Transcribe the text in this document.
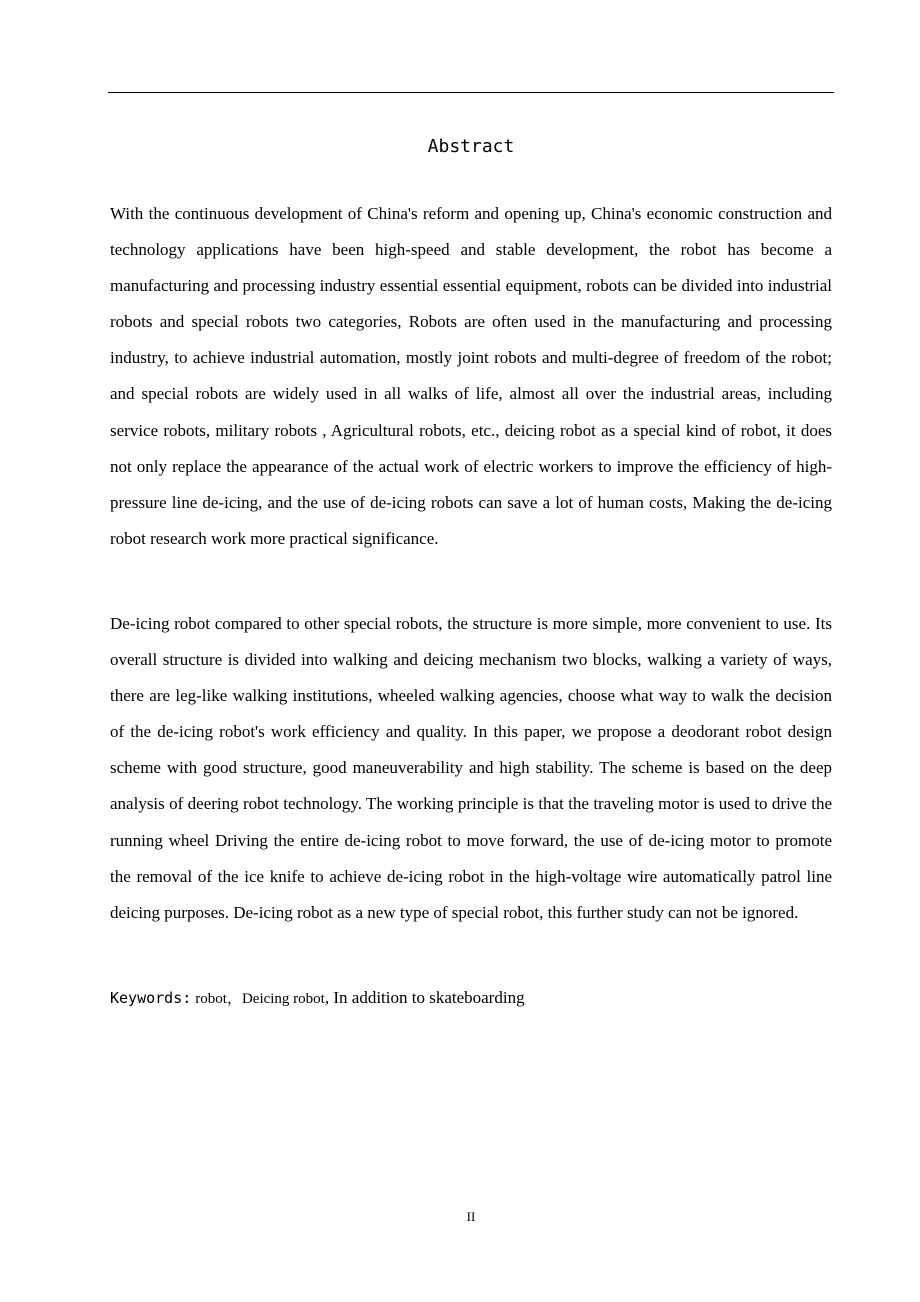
Abstract

With the continuous development of China's reform and opening up, China's economic construction and technology applications have been high-speed and stable development, the robot has become a manufacturing and processing industry essential essential equipment, robots can be divided into industrial robots and special robots two categories, Robots are often used in the manufacturing and processing industry, to achieve industrial automation, mostly joint robots and multi-degree of freedom of the robot; and special robots are widely used in all walks of life, almost all over the industrial areas, including service robots, military robots , Agricultural robots, etc., deicing robot as a special kind of robot, it does not only replace the appearance of the actual work of electric workers to improve the efficiency of high-pressure line de-icing, and the use of de-icing robots can save a lot of human costs, Making the de-icing robot research work more practical significance.

De-icing robot compared to other special robots, the structure is more simple, more convenient to use. Its overall structure is divided into walking and deicing mechanism two blocks, walking a variety of ways, there are leg-like walking institutions, wheeled walking agencies, choose what way to walk the decision of the de-icing robot's work efficiency and quality. In this paper, we propose a deodorant robot design scheme with good structure, good maneuverability and high stability. The scheme is based on the deep analysis of deering robot technology. The working principle is that the traveling motor is used to drive the running wheel Driving the entire de-icing robot to move forward, the use of de-icing motor to promote the removal of the ice knife to achieve de-icing robot in the high-voltage wire automatically patrol line deicing purposes. De-icing robot as a new type of special robot, this further study can not be ignored.

Keywords: robot，Deicing robot, In addition to skateboarding
II
